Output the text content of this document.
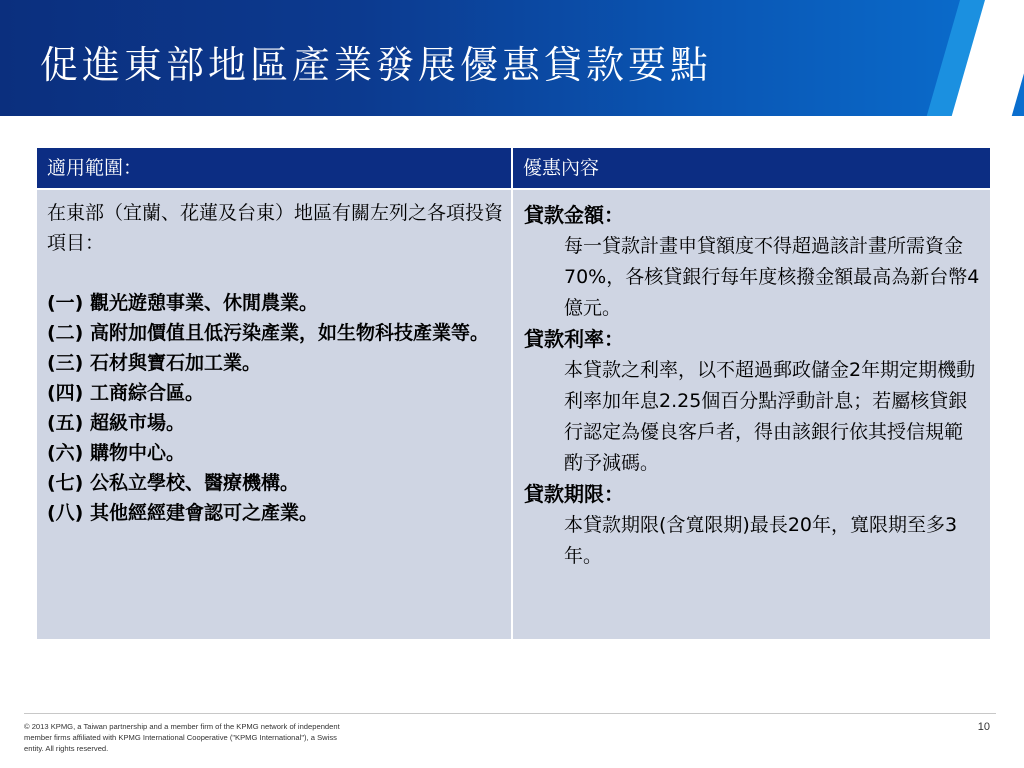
促進東部地區產業發展優惠貸款要點
適用範圍：	優惠內容
在東部（宜蘭、花蓮及台東）地區有關左列之各項投資項目：
(一) 觀光遊憩事業、休閒農業。
(二) 高附加價值且低污染產業，如生物科技產業等。
(三) 石材與寶石加工業。
(四) 工商綜合區。
(五) 超級市場。
(六) 購物中心。
(七) 公私立學校、醫療機構。
(八) 其他經經建會認可之產業。
貸款金額：
每一貸款計畫申貸額度不得超過該計畫所需資金70%，各核貸銀行每年度核撥金額最高為新台幣4億元。
貸款利率：
本貸款之利率，以不超過郵政儲金2年期定期機動利率加年息2.25個百分點浮動計息；若屬核貸銀行認定為優良客戶者，得由該銀行依其授信規範酌予減碼。
貸款期限：
本貸款期限(含寬限期)最長20年，寬限期至多3年。
© 2013 KPMG, a Taiwan partnership and a member firm of the KPMG network of independent member firms affiliated with KPMG International Cooperative ("KPMG International"), a Swiss entity. All rights reserved.
10
